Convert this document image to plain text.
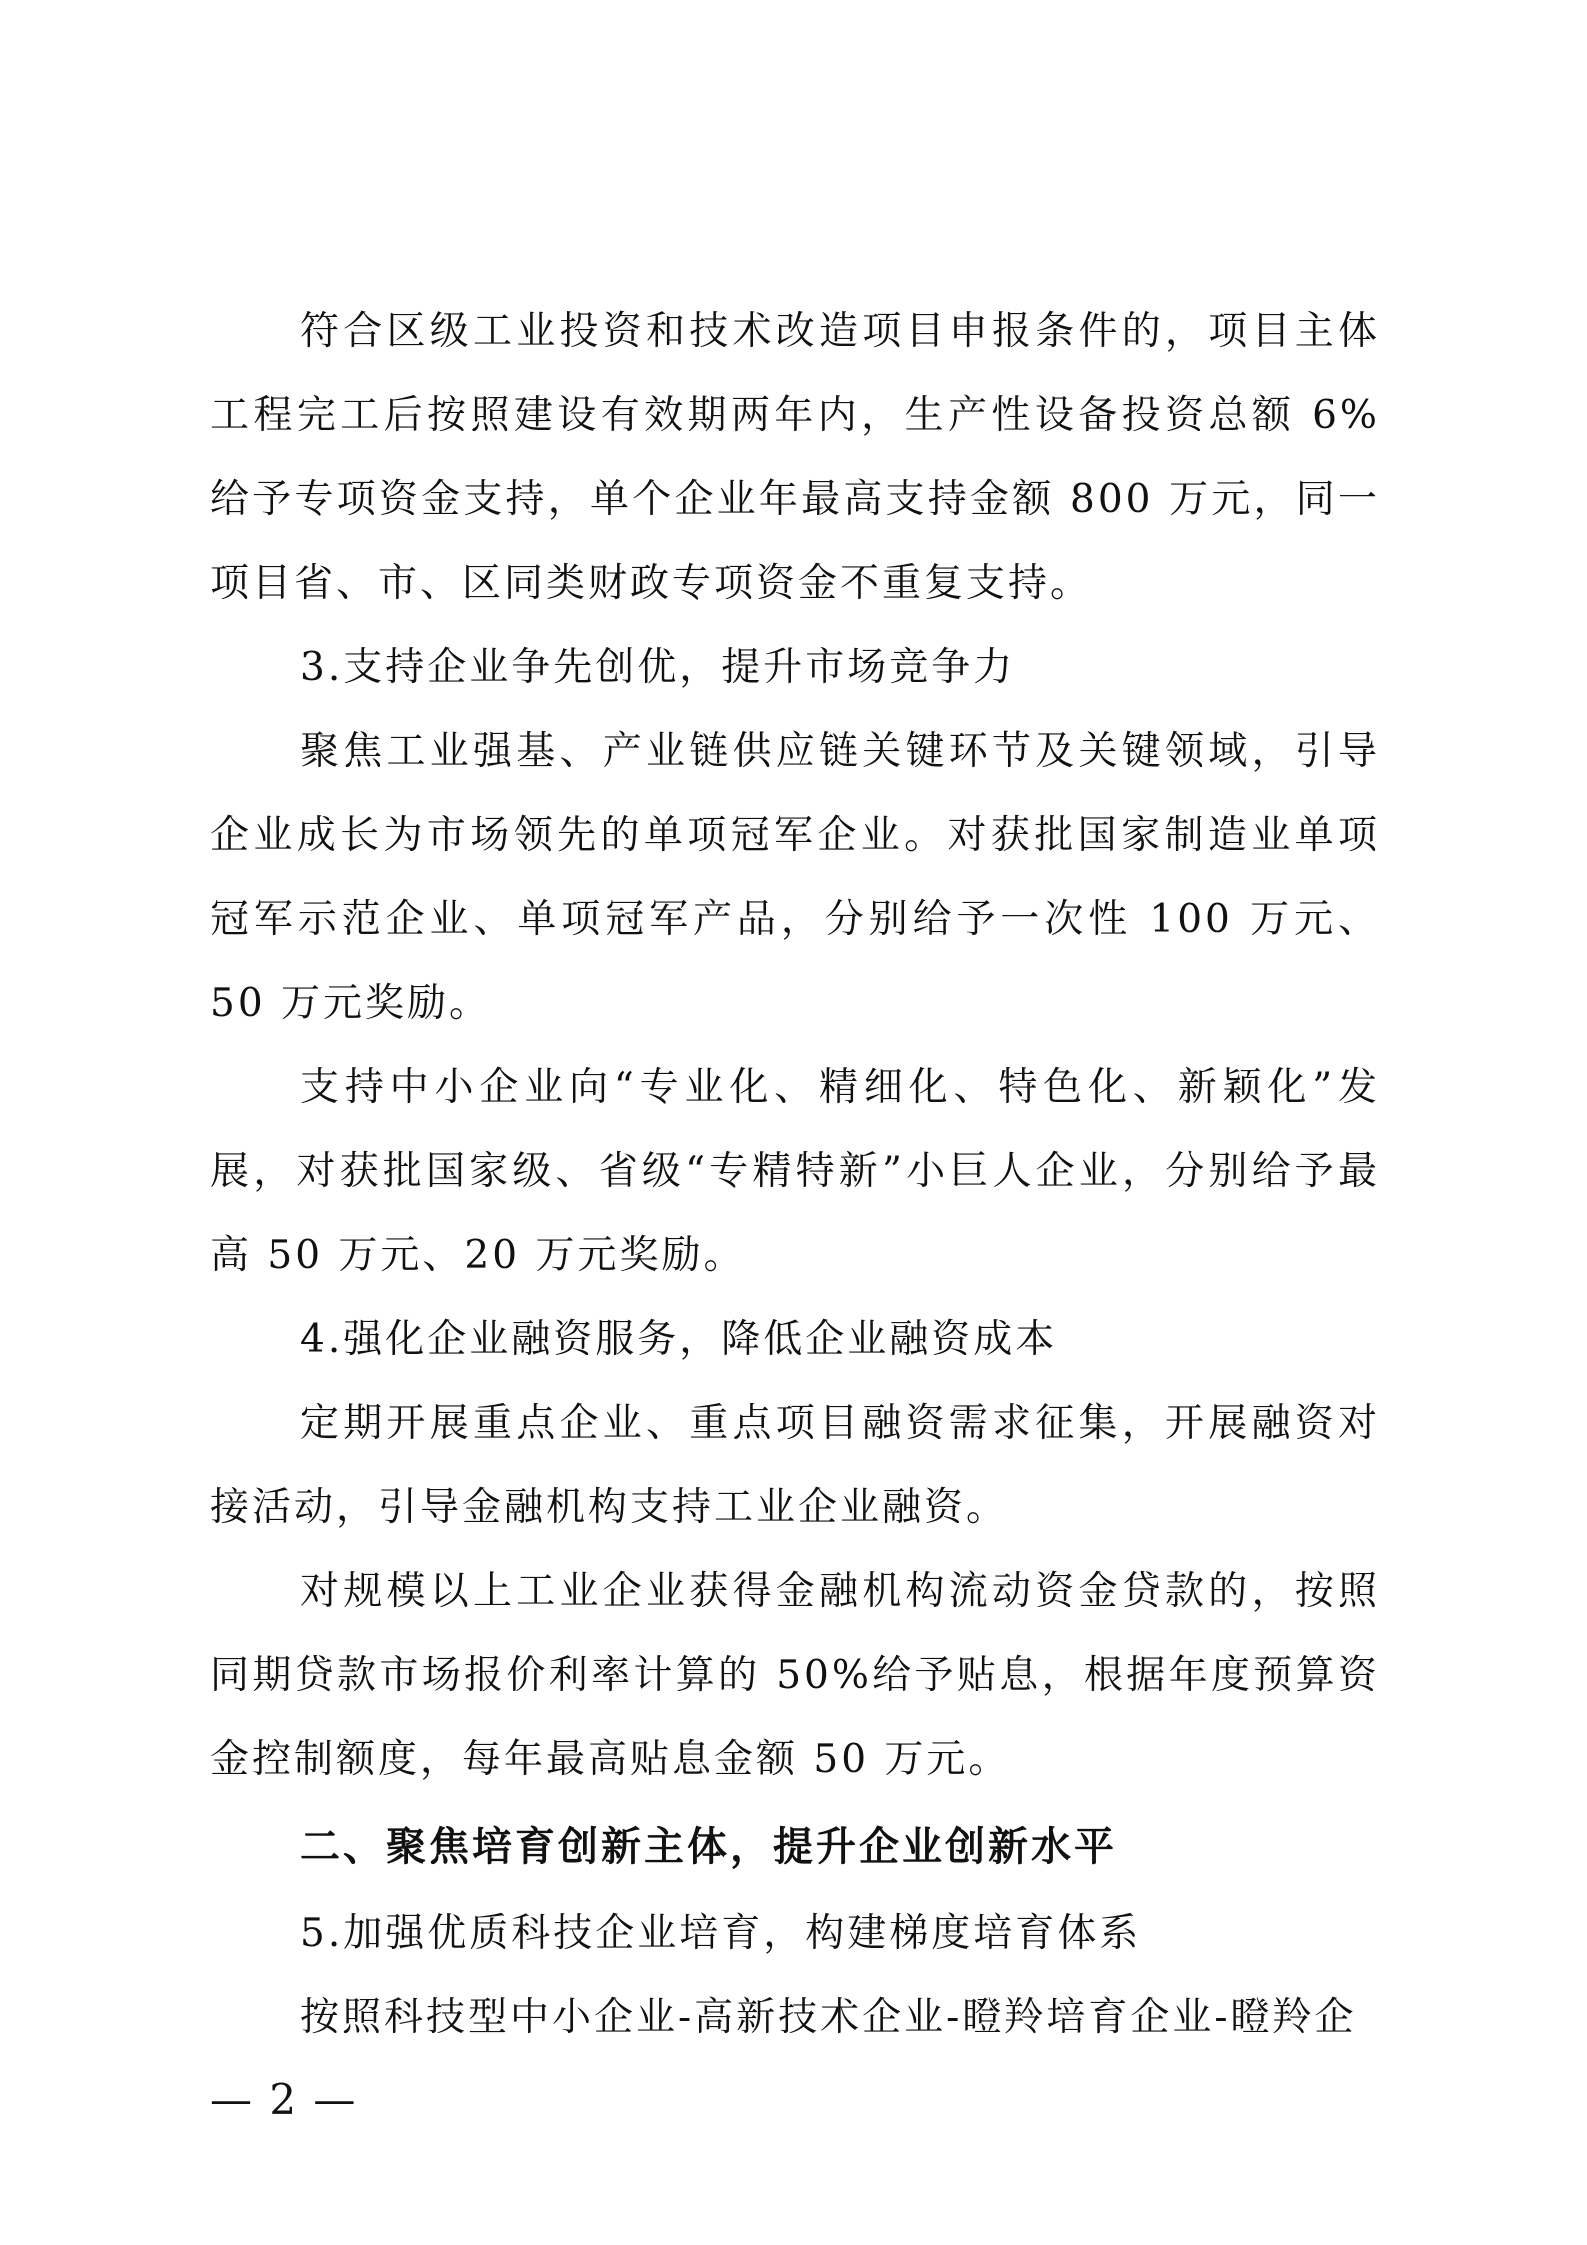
符合区级工业投资和技术改造项目申报条件的，项目主体工程完工后按照建设有效期两年内，生产性设备投资总额 6%给予专项资金支持，单个企业年最高支持金额 800 万元，同一项目省、市、区同类财政专项资金不重复支持。

3.支持企业争先创优，提升市场竞争力

聚焦工业强基、产业链供应链关键环节及关键领域，引导企业成长为市场领先的单项冠军企业。对获批国家制造业单项冠军示范企业、单项冠军产品，分别给予一次性 100 万元、50 万元奖励。

支持中小企业向“专业化、精细化、特色化、新颖化”发展，对获批国家级、省级“专精特新”小巨人企业，分别给予最高 50 万元、20 万元奖励。

4.强化企业融资服务，降低企业融资成本

定期开展重点企业、重点项目融资需求征集，开展融资对接活动，引导金融机构支持工业企业融资。

对规模以上工业企业获得金融机构流动资金贷款的，按照同期贷款市场报价利率计算的 50%给予贴息，根据年度预算资金控制额度，每年最高贴息金额 50 万元。

二、聚焦培育创新主体，提升企业创新水平

5.加强优质科技企业培育，构建梯度培育体系

按照科技型中小企业-高新技术企业-瞪羚培育企业-瞪羚企

— 2 —
